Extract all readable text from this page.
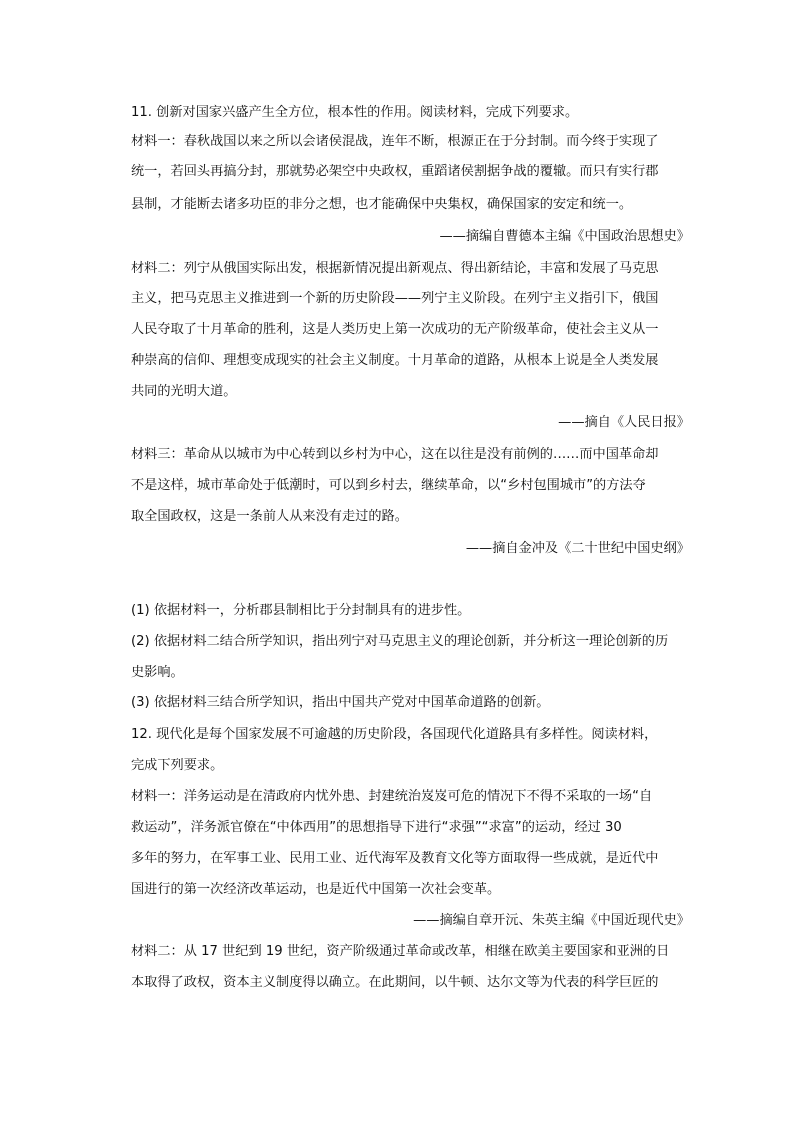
11. 创新对国家兴盛产生全方位，根本性的作用。阅读材料，完成下列要求。
材料一：春秋战国以来之所以会诸侯混战，连年不断，根源正在于分封制。而今终于实现了
统一，若回头再搞分封，那就势必架空中央政权，重蹈诸侯割据争战的覆辙。而只有实行郡
县制，才能断去诸多功臣的非分之想，也才能确保中央集权，确保国家的安定和统一。
——摘编自曹德本主编《中国政治思想史》
材料二：列宁从俄国实际出发，根据新情况提出新观点、得出新结论，丰富和发展了马克思
主义，把马克思主义推进到一个新的历史阶段——列宁主义阶段。在列宁主义指引下，俄国
人民夺取了十月革命的胜利，这是人类历史上第一次成功的无产阶级革命，使社会主义从一
种崇高的信仰、理想变成现实的社会主义制度。十月革命的道路，从根本上说是全人类发展
共同的光明大道。
——摘自《人民日报》
材料三：革命从以城市为中心转到以乡村为中心，这在以往是没有前例的……而中国革命却
不是这样，城市革命处于低潮时，可以到乡村去，继续革命，以“乡村包围城市”的方法夺
取全国政权，这是一条前人从来没有走过的路。
——摘自金冲及《二十世纪中国史纲》
(1) 依据材料一，分析郡县制相比于分封制具有的进步性。
(2) 依据材料二结合所学知识，指出列宁对马克思主义的理论创新，并分析这一理论创新的历
史影响。
(3) 依据材料三结合所学知识，指出中国共产党对中国革命道路的创新。
12. 现代化是每个国家发展不可逾越的历史阶段，各国现代化道路具有多样性。阅读材料，
完成下列要求。
材料一：洋务运动是在清政府内忧外患、封建统治岌岌可危的情况下不得不采取的一场“自
救运动”，洋务派官僚在“中体西用”的思想指导下进行“求强”“求富”的运动，经过 30
多年的努力，在军事工业、民用工业、近代海军及教育文化等方面取得一些成就，是近代中
国进行的第一次经济改革运动，也是近代中国第一次社会变革。
——摘编自章开沅、朱英主编《中国近现代史》
材料二：从 17 世纪到 19 世纪，资产阶级通过革命或改革，相继在欧美主要国家和亚洲的日
本取得了政权，资本主义制度得以确立。在此期间，以牛顿、达尔文等为代表的科学巨匠的
